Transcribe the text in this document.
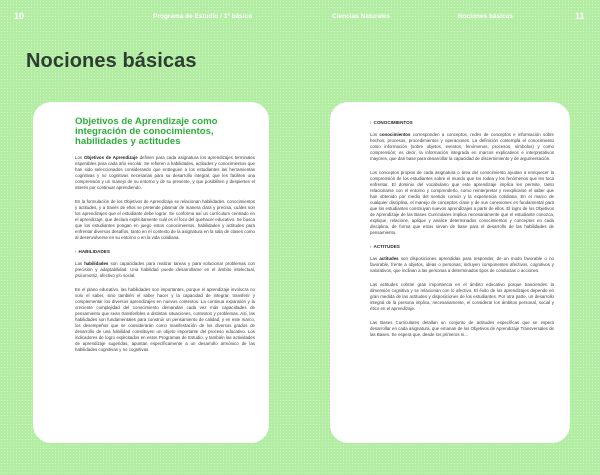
10	Programa de Estudio / 1º básico	Ciencias Naturales	Nociones básicas	11
Nociones básicas
Objetivos de Aprendizaje como integración de conocimientos, habilidades y actitudes

Los Objetivos de Aprendizaje definen para cada asignatura los aprendizajes terminales esperables para cada año escolar. Se refieren a habilidades, actitudes y conocimientos que han sido seleccionados considerando que entreguen a los estudiantes las herramientas cognitivas y no cognitivas necesarias para su desarrollo integral, que les faciliten una comprensión y un manejo de su entorno y de su presente, y que posibiliten y despierten el interés por continuar aprendiendo.

En la formulación de los Objetivos de Aprendizaje se relacionan habilidades, conocimientos y actitudes, y a través de ellos se pretende plasmar de manera clara y precisa, cuáles son los aprendizajes que el estudiante debe lograr. Se conforma así un currículum centrado en el aprendizaje, que declara explícitamente cuál es el foco del quehacer educativo. Se busca que los estudiantes pongan en juego estos conocimientos, habilidades y actitudes para enfrentar diversos desafíos, tanto en el contexto de la asignatura en la sala de clases como al desenvolverse en su entorno o en la vida cotidiana.

› HABILIDADES

Las habilidades son capacidades para realizar tareas y para solucionar problemas con precisión y adaptabilidad. Una habilidad puede desarrollarse en el ámbito intelectual, psicomotriz, afectivo y/o social.

En el plano educativo, las habilidades son importantes, porque el aprendizaje involucra no solo el saber, sino también el saber hacer y la capacidad de integrar, transferir y complementar los diversos aprendizajes en nuevos contextos. La continua expansión y la creciente complejidad del conocimiento demandan cada vez más capacidades de pensamiento que sean transferibles a distintas situaciones, contextos y problemas. Así, las habilidades son fundamentales para construir un pensamiento de calidad, y en este marco, los desempeños que se considerarán como manifestación de los diversos grados de desarrollo de una habilidad constituyen un objeto importante del proceso educativo. Los indicadores de logro explicitados en estos Programas de Estudio, y también las actividades de aprendizaje sugeridas, apuntan específicamente a un desarrollo armónico de las habilidades cognitivas y no cognitivas.

› CONOCIMIENTOS

Los conocimientos corresponden a conceptos, redes de conceptos e información sobre hechos, procesos, procedimientos y operaciones. La definición contempla el conocimiento como información (sobre objetos, eventos, fenómenos, procesos, símbolos) y como comprensión; es decir, la información integrada en marcos explicativos e interpretativos mayores, que dan base para desarrollar la capacidad de discernimiento y de argumentación.

Los conceptos propios de cada asignatura o área del conocimiento ayudan a enriquecer la comprensión de los estudiantes sobre el mundo que los rodea y los fenómenos que les toca enfrentar. El dominio del vocabulario que este aprendizaje implica les permite, tanto relacionarse con el entorno y comprenderlo, como reinterpretar y reexplicarse el saber que han obtenido por medio del sentido común y la experiencia cotidiana. En el marco de cualquier disciplina, el manejo de conceptos clave y de sus conexiones es fundamental para que los estudiantes construyan nuevos aprendizajes a partir de ellos. El logro de los Objetivos de Aprendizaje de las Bases Curriculares implica necesariamente que el estudiante conozca, explique, relacione, aplique y analice determinados conocimientos y conceptos en cada disciplina, de forma que estos sirvan de base para el desarrollo de las habilidades de pensamiento.

› ACTITUDES

Las actitudes son disposiciones aprendidas para responder, de un modo favorable o no favorable, frente a objetos, ideas o personas; incluyen componentes afectivos, cognitivos y valorativos, que inclinan a las personas a determinados tipos de conductas o acciones.

Las actitudes cobran gran importancia en el ámbito educativo porque trascienden la dimensión cognitiva y se relacionan con lo afectivo. El éxito de los aprendizajes depende en gran medida de las actitudes y disposiciones de los estudiantes. Por otra parte, un desarrollo integral de la persona implica, necesariamente, el considerar los ámbitos personal, social y ético en el aprendizaje.

Las Bases Curriculares detallan un conjunto de actitudes específicas que se espera desarrollar en cada asignatura, que emanan de los Objetivos de Aprendizaje Transversales de las Bases. Se espera que, desde los primeros ni...
